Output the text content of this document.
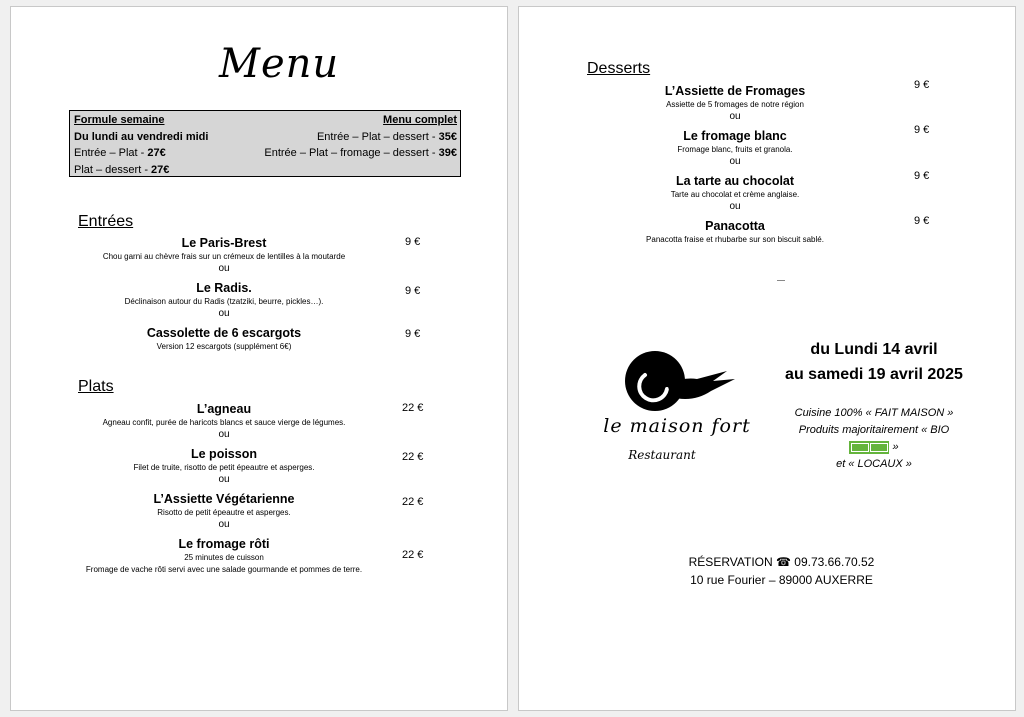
Menu
Formule semaine
Du lundi au vendredi midi
Entrée – Plat - 27€
Plat – dessert - 27€
Menu complet
Entrée – Plat – dessert - 35€
Entrée – Plat – fromage – dessert - 39€
Entrées
Le Paris-Brest
Chou garni au chèvre frais sur un crémeux de lentilles à la moutarde
ou
9 €
Le Radis.
Déclinaison autour du Radis (tzatziki, beurre, pickles…).
ou
9 €
Cassolette de 6 escargots
Version 12 escargots (supplément 6€)
9 €
Plats
L’agneau
Agneau confit, purée de haricots blancs et sauce vierge de légumes.
ou
22 €
Le poisson
Filet de truite, risotto de petit épeautre et asperges.
ou
22 €
L’Assiette Végétarienne
Risotto de petit épeautre et asperges.
ou
22 €
Le fromage rôti
25 minutes de cuisson
Fromage de vache rôti servi avec une salade gourmande et pommes de terre.
22 €
Desserts
L’Assiette de Fromages
Assiette de 5 fromages de notre région
ou
9 €
Le fromage blanc
Fromage blanc, fruits et granola.
ou
9 €
La tarte au chocolat
Tarte au chocolat et crème anglaise.
ou
9 €
Panacotta
Panacotta fraise et rhubarbe sur son biscuit sablé.
9 €
le maison fort
Restaurant
du Lundi 14 avril
au samedi 19 avril 2025
Cuisine 100% « FAIT MAISON »
Produits majoritairement « BIO
»
et « LOCAUX »
RÉSERVATION ☎ 09.73.66.70.52
10 rue Fourier – 89000 AUXERRE
